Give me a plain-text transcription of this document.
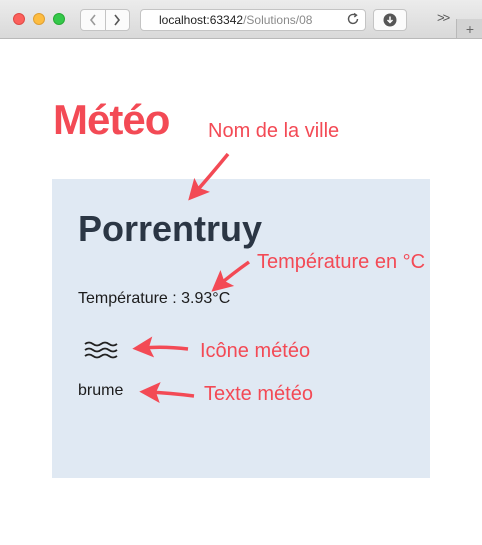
localhost:63342/Solutions/08	>>
+
Météo
Porrentruy
Température : 3.93°C
brume
Nom de la ville
Température en °C
Icône météo
Texte météo
